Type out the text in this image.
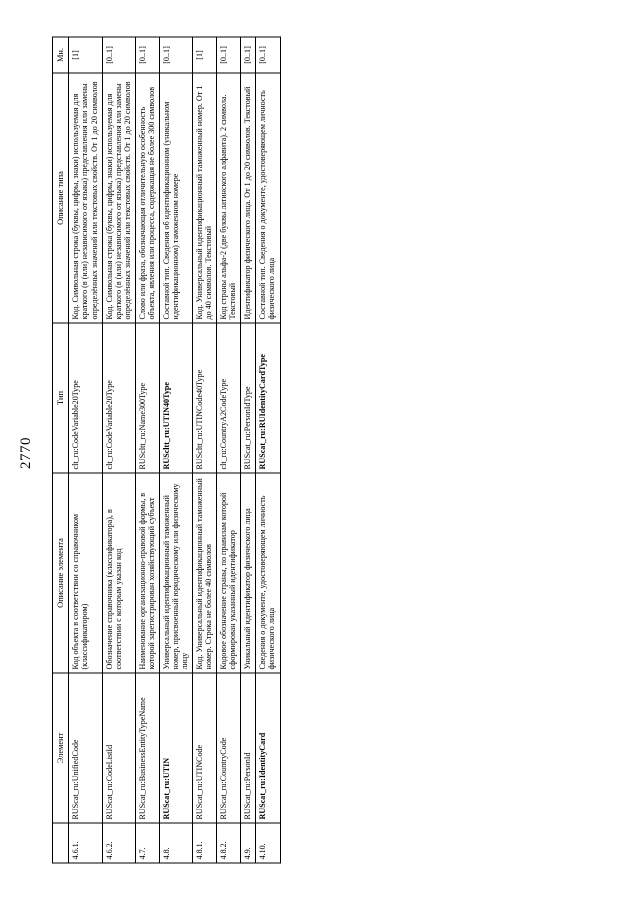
2770
	Элемент	Описание элемента	Тип	Описание типа	Мн.
4.6.1.	RUScat_ru:UnifiedCode	Код объекта в соответствии со справочником (классификатором)	clt_ru:CodeVariable20Type	Код. Символьная строка (буквы, цифры, знаки) используемая для краткого (в (или) независимого от языка) представления или замены определённых значений или текстовых свойств. От 1 до 20 символов	[1]
4.6.2.	RUScat_ru:CodeListId	Обозначение справочника (классификатора), в соответствии с которым указан код	clt_ru:CodeVariable20Type	Код. Символьная строка (буквы, цифры, знаки) используемая для краткого (в (или) независимого от языка) представления или замены определённых значений или текстовых свойств. От 1 до 20 символов	[0..1]
4.7.	RUScat_ru:BusinessEntityTypeName	Наименование организационно-правовой формы, в которой зарегистрирован хозяйствующий субъект	RUScltt_ru:Name300Type	Слово или фраза, обозначающая отличительную особенность объекта, явления или процесса, содержащая не более 300 символов	[0..1]
4.8.	RUScat_ru:UTIN	Универсальный идентификационный таможенный номер, присвоенный юридическому или физическому лицу	RUScltt_ru:UTIN40Type	Составной тип. Сведения об идентификационном (уникальном идентификационном) таможенном номере	[0..1]
4.8.1.	RUScat_ru:UTINCode	Код. Универсальный идентификационный таможенный номер. Строка не более 40 символов	RUScltt_ru:UTINCode40Type	Код. Универсальный идентификационный таможенный номер. От 1 до 40 символов. Текстовый	[1]
4.8.2.	RUScat_ru:CountryCode	Кодовое обозначение страны, по правилам которой сформирован указанный идентификатор	clt_ru:CountryA2CodeType	Код страны альфа-2 (две буквы латинского алфавита). 2 символа. Текстовый	[0..1]
4.9.	RUScat_ru:PersonId	Уникальный идентификатор физического лица	RUScat_ru:PersonIdType	Идентификатор физического лица. От 1 до 20 символов. Текстовый	[0..1]
4.10.	RUScat_ru:IdentityCard	Сведения о документе, удостоверяющем личность физического лица	RUScat_ru:RUIdentityCardType	Составной тип. Сведения о документе, удостоверяющем личность физического лица	[0..1]
